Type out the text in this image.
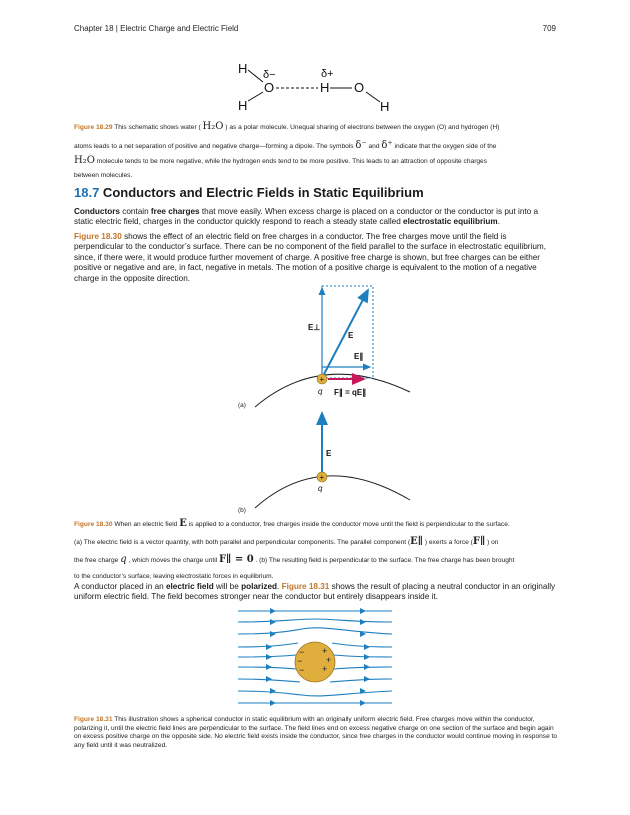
Chapter 18 | Electric Charge and Electric Field	709
H
O
H
H O
H
δ−	δ+
Figure 18.29 This schematic shows water ( H₂O ) as a polar molecule. Unequal sharing of electrons between the oxygen (O) and hydrogen (H)
atoms leads to a net separation of positive and negative charge—forming a dipole. The symbols δ⁻ and δ⁺ indicate that the oxygen side of the
H₂O molecule tends to be more negative, while the hydrogen ends tend to be more positive. This leads to an attraction of opposite charges
between molecules.
18.7 Conductors and Electric Fields in Static Equilibrium

Conductors contain free charges that move easily. When excess charge is placed on a conductor or the conductor is put into a static electric field, charges in the conductor quickly respond to reach a steady state called electrostatic equilibrium.

Figure 18.30 shows the effect of an electric field on free charges in a conductor. The free charges move until the field is perpendicular to the conductor’s surface. There can be no component of the field parallel to the surface in electrostatic equilibrium, since, if there were, it would produce further movement of charge. A positive free charge is shown, but free charges can be either positive or negative and are, in fact, negative in metals. The motion of a positive charge is equivalent to the motion of a negative charge in the opposite direction.

E⊥
E
E∥
+
q F∥ = qE∥
(a)
E
+
q
(b)
Figure 18.30 When an electric field E is applied to a conductor, free charges inside the conductor move until the field is perpendicular to the surface.
(a) The electric field is a vector quantity, with both parallel and perpendicular components. The parallel component (E∥ ) exerts a force (F∥ ) on
the free charge q , which moves the charge until F∥ = 0 . (b) The resulting field is perpendicular to the surface. The free charge has been brought
to the conductor’s surface, leaving electrostatic forces in equilibrium.

A conductor placed in an electric field will be polarized. Figure 18.31 shows the result of placing a neutral conductor in an originally uniform electric field. The field becomes stronger near the conductor but entirely disappears inside it.

−
−
−
+
+
+
Figure 18.31 This illustration shows a spherical conductor in static equilibrium with an originally uniform electric field. Free charges move within the conductor, polarizing it, until the electric field lines are perpendicular to the surface. The field lines end on excess negative charge on one section of the surface and begin again on excess positive charge on the opposite side. No electric field exists inside the conductor, since free charges in the conductor would continue moving in response to any field until it was neutralized.
